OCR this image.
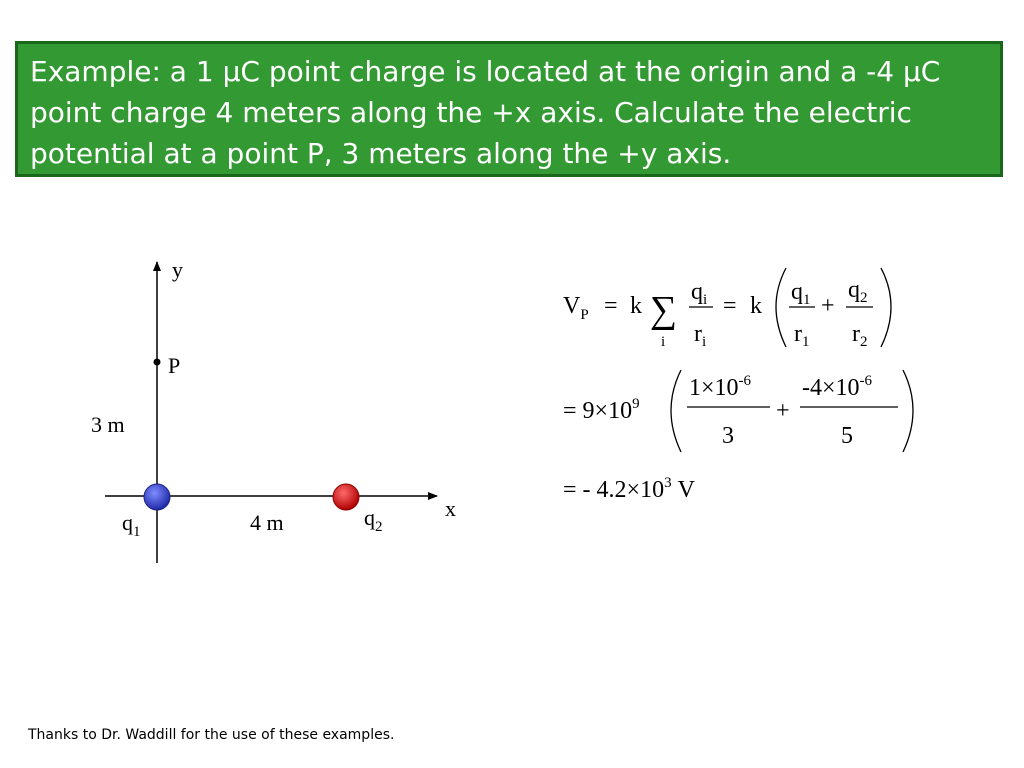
Example: a 1 μC point charge is located at the origin and a -4 μC point charge 4 meters along the +x axis. Calculate the electric potential at a point P, 3 meters along the +y axis.
y
x
P
3 m
4 m
$q_1$
$q_2$
$V_P = k$ ∑
i
$q_i$
$r_i$
= k
$q_1$
$r_1$
+
$q_2$
$r_2$
= $9\times 10^9$
$1\times 10^{-6}$
3
+
$-4\times 10^{-6}$
5
= - $4.2\times 10^3$ V
Thanks to Dr. Waddill for the use of these examples.
